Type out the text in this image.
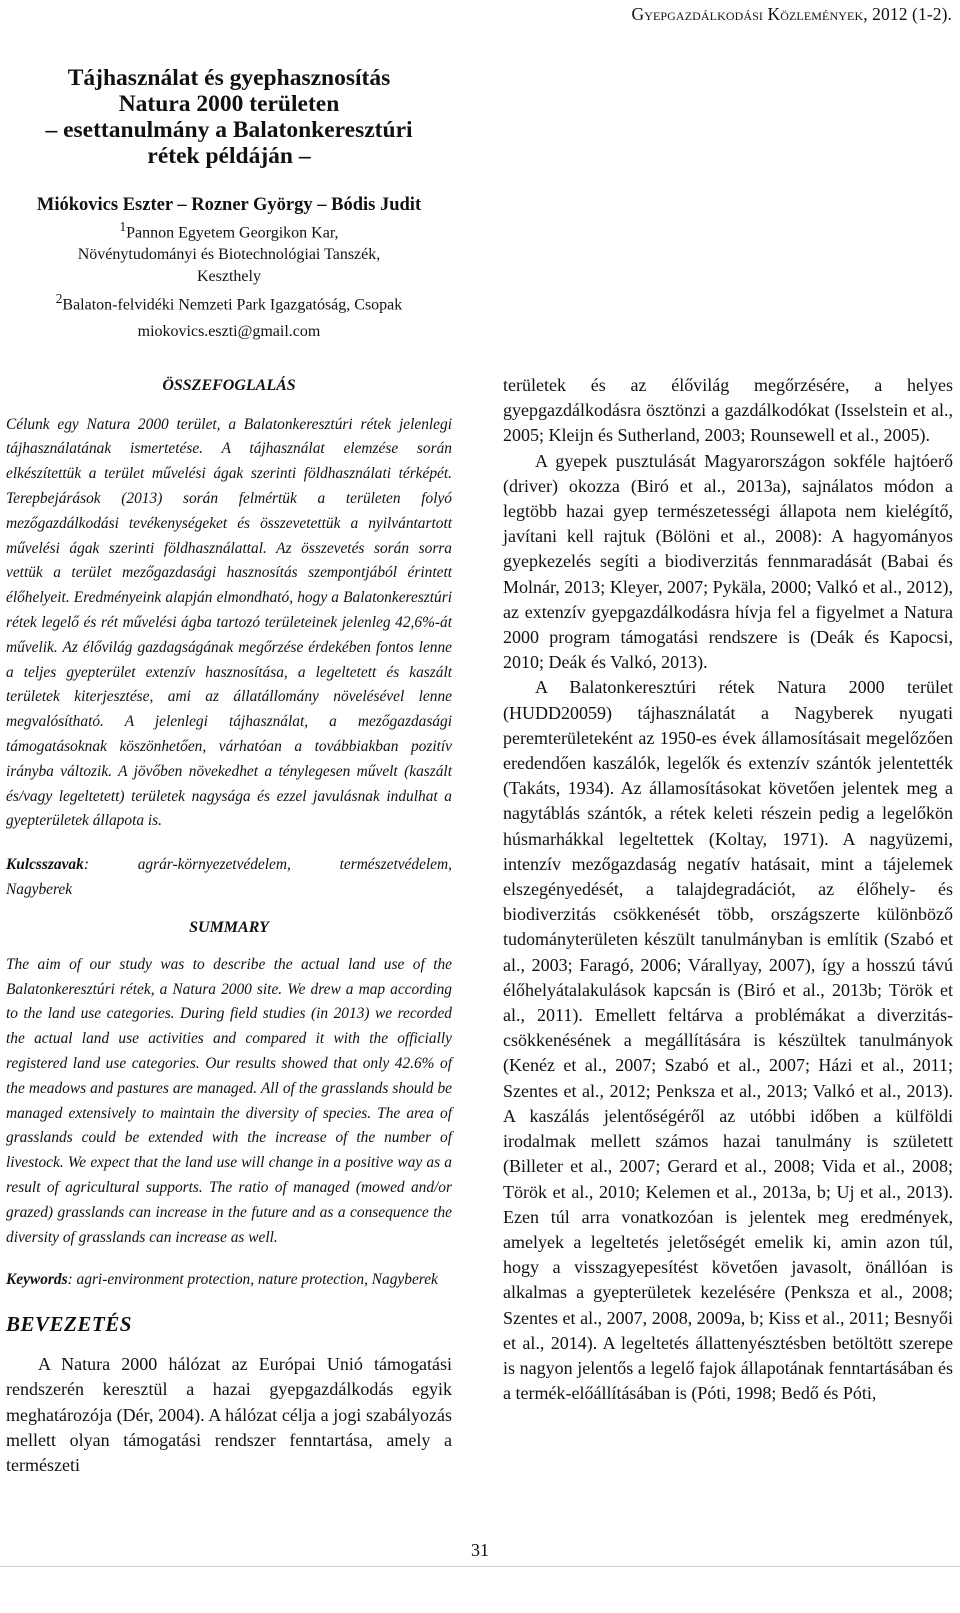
Gyepgazdálkodási Közlemények, 2012 (1-2).
Tájhasználat és gyephasznosítás
Natura 2000 területen
– esettanulmány a Balatonkeresztúri
rétek példáján –

Miókovics Eszter – Rozner György – Bódis Judit

$^1$Pannon Egyetem Georgikon Kar,
Növénytudományi és Biotechnológiai Tanszék,
Keszthely

$^2$Balaton-felvidéki Nemzeti Park Igazgatóság, Csopak

miokovics.eszti@gmail.com

ÖSSZEFOGLALÁS

Célunk egy Natura 2000 terület, a Balatonkeresztúri rétek jelenlegi tájhasználatának ismertetése. A tájhasználat elemzése során elkészítettük a terület művelési ágak szerinti földhasználati térképét. Terepbejárások (2013) során felmértük a területen folyó mezőgazdálkodási tevékenységeket és összevetettük a nyilvántartott művelési ágak szerinti földhasználattal. Az összevetés során sorra vettük a terület mezőgazdasági hasznosítás szempontjából érintett élőhelyeit. Eredményeink alapján elmondható, hogy a Balatonkeresztúri rétek legelő és rét művelési ágba tartozó területeinek jelenleg 42,6%-át művelik. Az élővilág gazdagságának megőrzése érdekében fontos lenne a teljes gyepterület extenzív hasznosítása, a legeltetett és kaszált területek kiterjesztése, ami az állatállomány növelésével lenne megvalósítható. A jelenlegi tájhasználat, a mezőgazdasági támogatásoknak köszönhetően, várhatóan a továbbiakban pozitív irányba változik. A jövőben növekedhet a ténylegesen művelt (kaszált és/vagy legeltetett) területek nagysága és ezzel javulásnak indulhat a gyepterületek állapota is.

Kulcsszavak:	agrár-környezetvédelem,	természetvédelem,
Nagyberek

SUMMARY

The aim of our study was to describe the actual land use of the Balatonkeresztúri rétek, a Natura 2000 site. We drew a map according to the land use categories. During field studies (in 2013) we recorded the actual land use activities and compared it with the officially registered land use categories. Our results showed that only 42.6% of the meadows and pastures are managed. All of the grasslands should be managed extensively to maintain the diversity of species. The area of grasslands could be extended with the increase of the number of livestock. We expect that the land use will change in a positive way as a result of agricultural supports. The ratio of managed (mowed and/or grazed) grasslands can increase in the future and as a consequence the diversity of grasslands can increase as well.

Keywords: agri-environment protection, nature protection, Nagyberek

BEVEZETÉS

A Natura 2000 hálózat az Európai Unió támogatási rendszerén keresztül a hazai gyepgazdálkodás egyik meghatározója (Dér, 2004). A hálózat célja a jogi szabályozás mellett olyan támogatási rendszer fenntartása, amely a természeti

területek és az élővilág megőrzésére, a helyes gyepgazdálkodásra ösztönzi a gazdálkodókat (Isselstein et al., 2005; Kleijn és Sutherland, 2003; Rounsewell et al., 2005).

A gyepek pusztulását Magyarországon sokféle hajtóerő (driver) okozza (Biró et al., 2013a), sajnálatos módon a legtöbb hazai gyep természetességi állapota nem kielégítő, javítani kell rajtuk (Bölöni et al., 2008): A hagyományos gyepkezelés segíti a biodiverzitás fennmaradását (Babai és Molnár, 2013; Kleyer, 2007; Pykäla, 2000; Valkó et al., 2012), az extenzív gyepgazdálkodásra hívja fel a figyelmet a Natura 2000 program támogatási rendszere is (Deák és Kapocsi, 2010; Deák és Valkó, 2013).

A Balatonkeresztúri rétek Natura 2000 terület (HUDD20059) tájhasználatát a Nagyberek nyugati peremterületeként az 1950-es évek államosításait megelőzően eredendően kaszálók, legelők és extenzív szántók jelentették (Takáts, 1934). Az államosításokat követően jelentek meg a nagytáblás szántók, a rétek keleti részein pedig a legelőkön húsmarhákkal legeltettek (Koltay, 1971). A nagyüzemi, intenzív mezőgazdaság negatív hatásait, mint a tájelemek elszegényedését, a talajdegradációt, az élőhely- és biodiverzitás csökkenését több, országszerte különböző tudományterületen készült tanulmányban is említik (Szabó et al., 2003; Faragó, 2006; Várallyay, 2007), így a hosszú távú élőhelyátalakulások kapcsán is (Biró et al., 2013b; Török et al., 2011). Emellett feltárva a problémákat a diverzitás-csökkenésének a megállítására is készültek tanulmányok (Kenéz et al., 2007; Szabó et al., 2007; Házi et al., 2011; Szentes et al., 2012; Penksza et al., 2013; Valkó et al., 2013). A kaszálás jelentőségéről az utóbbi időben a külföldi irodalmak mellett számos hazai tanulmány is született (Billeter et al., 2007; Gerard et al., 2008; Vida et al., 2008; Török et al., 2010; Kelemen et al., 2013a, b; Uj et al., 2013). Ezen túl arra vonatkozóan is jelentek meg eredmények, amelyek a legeltetés jeletőségét emelik ki, amin azon túl, hogy a visszagyepesítést követően javasolt, önállóan is alkalmas a gyepterületek kezelésére (Penksza et al., 2008; Szentes et al., 2007, 2008, 2009a, b; Kiss et al., 2011; Besnyői et al., 2014). A legeltetés állattenyésztésben betöltött szerepe is nagyon jelentős a legelő fajok állapotának fenntartásában és a termék-előállításában is (Póti, 1998; Bedő és Póti,

31
